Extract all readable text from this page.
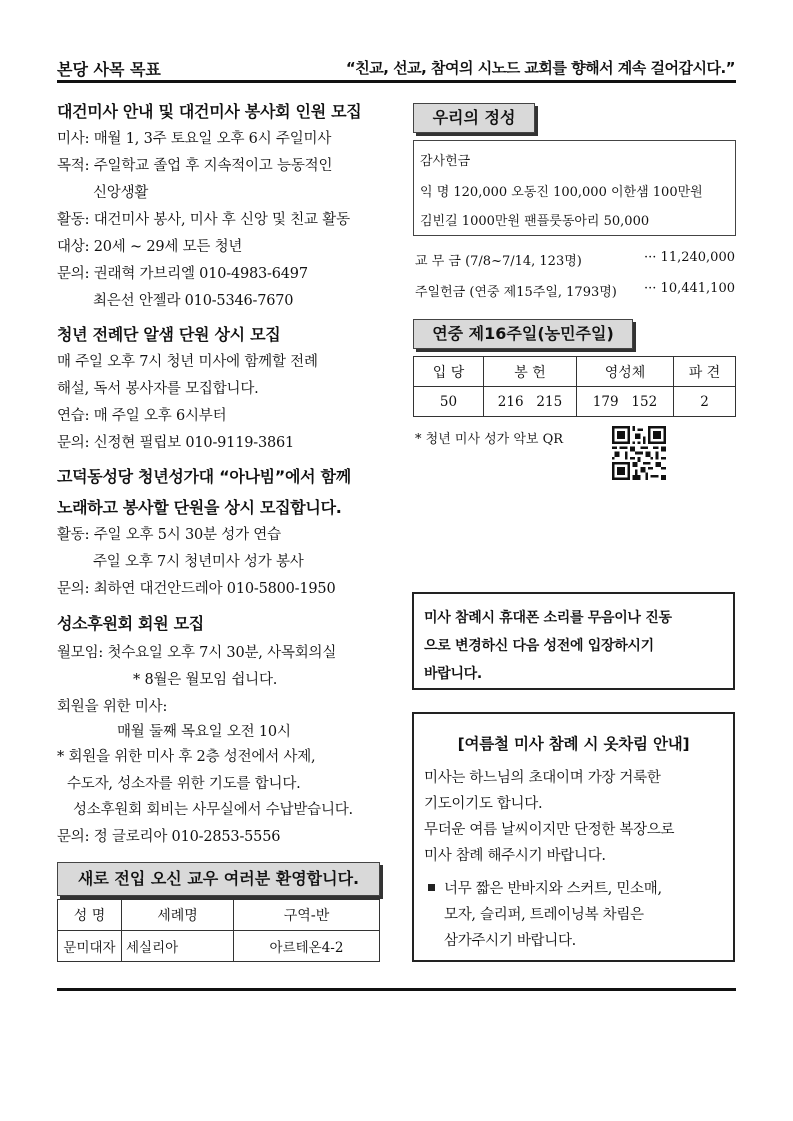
본당 사목 목표	“친교, 선교, 참여의 시노드 교회를 향해서 계속 걸어갑시다.”
대건미사 안내 및 대건미사 봉사회 인원 모집
미사: 매월 1, 3주 토요일 오후 6시 주일미사
목적: 주일학교 졸업 후 지속적이고 능동적인
신앙생활
활동: 대건미사 봉사, 미사 후 신앙 및 친교 활동
대상: 20세 ~ 29세 모든 청년
문의: 권래혁 가브리엘 010-4983-6497
최은선 안젤라 010-5346-7670
청년 전례단 알샘 단원 상시 모집
매 주일 오후 7시 청년 미사에 함께할 전례
해설, 독서 봉사자를 모집합니다.
연습: 매 주일 오후 6시부터
문의: 신정현 필립보 010-9119-3861
고덕동성당 청년성가대 “아나빔”에서 함께
노래하고 봉사할 단원을 상시 모집합니다.
활동: 주일 오후 5시 30분 성가 연습
주일 오후 7시 청년미사 성가 봉사
문의: 최하연 대건안드레아 010-5800-1950
성소후원회 회원 모집
월모임: 첫수요일 오후 7시 30분, 사목회의실
* 8월은 월모임 쉽니다.
회원을 위한 미사:
매월 둘째 목요일 오전 10시
* 회원을 위한 미사 후 2층 성전에서 사제,
수도자, 성소자를 위한 기도를 합니다.
성소후원회 회비는 사무실에서 수납받습니다.
문의: 정 글로리아 010-2853-5556
새로 전입 오신 교우 여러분 환영합니다.
성 명	세례명	구역-반
문미대자	세실리아	아르테온4-2
우리의 정성
감사헌금
익 명 120,000 오동진 100,000 이한샘 100만원
김빈길 1000만원 팬플룻동아리 50,000
교 무 금 (7/8~7/14, 123명)	··· 11,240,000
주일헌금 (연중 제15주일, 1793명) ··· 10,441,100
연중 제16주일(농민주일)
입 당	봉 헌	영성체	파 견
50	216   215	179   152	2
* 청년 미사 성가 악보 QR
미사 참례시 휴대폰 소리를 무음이나 진동
으로 변경하신 다음 성전에 입장하시기
바랍니다.
[여름철 미사 참례 시 옷차림 안내]
미사는 하느님의 초대이며 가장 거룩한
기도이기도 합니다.
무더운 여름 날씨이지만 단정한 복장으로
미사 참례 해주시기 바랍니다.
너무 짧은 반바지와 스커트, 민소매,
모자, 슬리퍼, 트레이닝복 차림은
삼가주시기 바랍니다.
